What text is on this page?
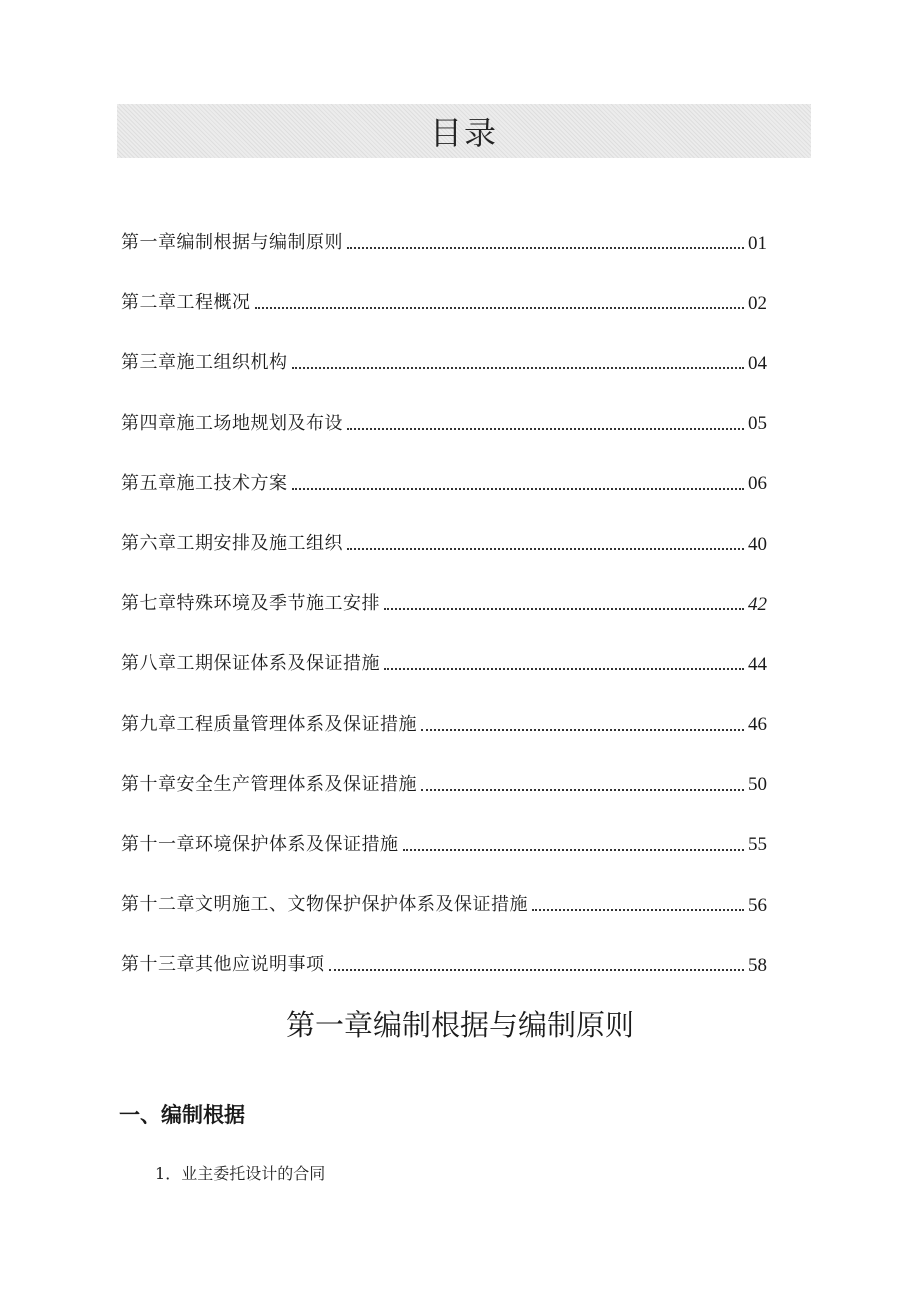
目录
第一章编制根据与编制原则	01
第二章工程概况	02
第三章施工组织机构	04
第四章施工场地规划及布设	05
第五章施工技术方案	06
第六章工期安排及施工组织	40
第七章特殊环境及季节施工安排	42
第八章工期保证体系及保证措施	44
第九章工程质量管理体系及保证措施	46
第十章安全生产管理体系及保证措施	50
第十一章环境保护体系及保证措施	55
第十二章文明施工、文物保护保护体系及保证措施	56
第十三章其他应说明事项	58
第一章编制根据与编制原则
一、编制根据

1．业主委托设计的合同
